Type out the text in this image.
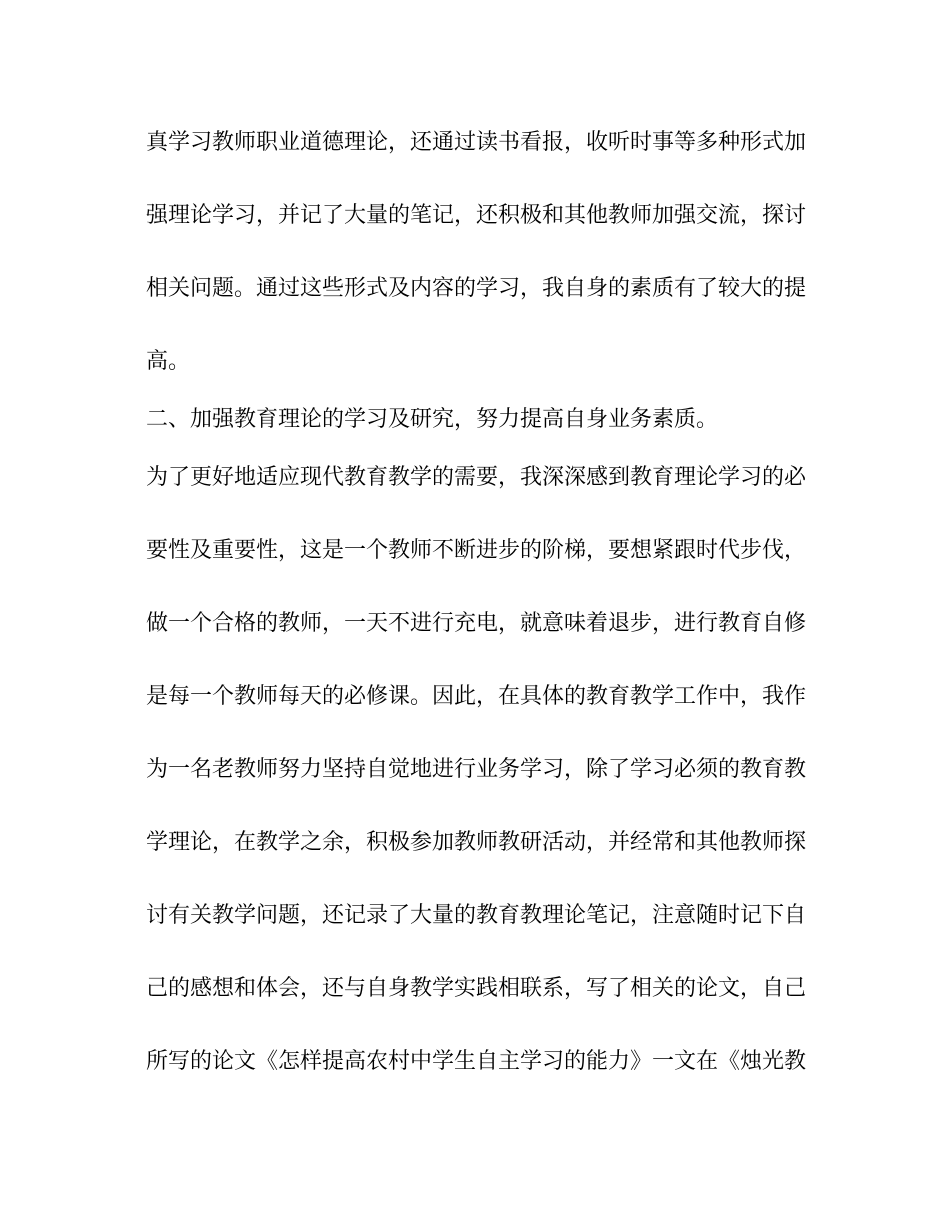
真学习教师职业道德理论，还通过读书看报，收听时事等多种形式加
强理论学习，并记了大量的笔记，还积极和其他教师加强交流，探讨
相关问题。通过这些形式及内容的学习，我自身的素质有了较大的提
高。
二、加强教育理论的学习及研究，努力提高自身业务素质。
为了更好地适应现代教育教学的需要，我深深感到教育理论学习的必
要性及重要性，这是一个教师不断进步的阶梯，要想紧跟时代步伐，
做一个合格的教师，一天不进行充电，就意味着退步，进行教育自修
是每一个教师每天的必修课。因此，在具体的教育教学工作中，我作
为一名老教师努力坚持自觉地进行业务学习，除了学习必须的教育教
学理论，在教学之余，积极参加教师教研活动，并经常和其他教师探
讨有关教学问题，还记录了大量的教育教理论笔记，注意随时记下自
己的感想和体会，还与自身教学实践相联系，写了相关的论文，自己
所写的论文《怎样提高农村中学生自主学习的能力》一文在《烛光教
